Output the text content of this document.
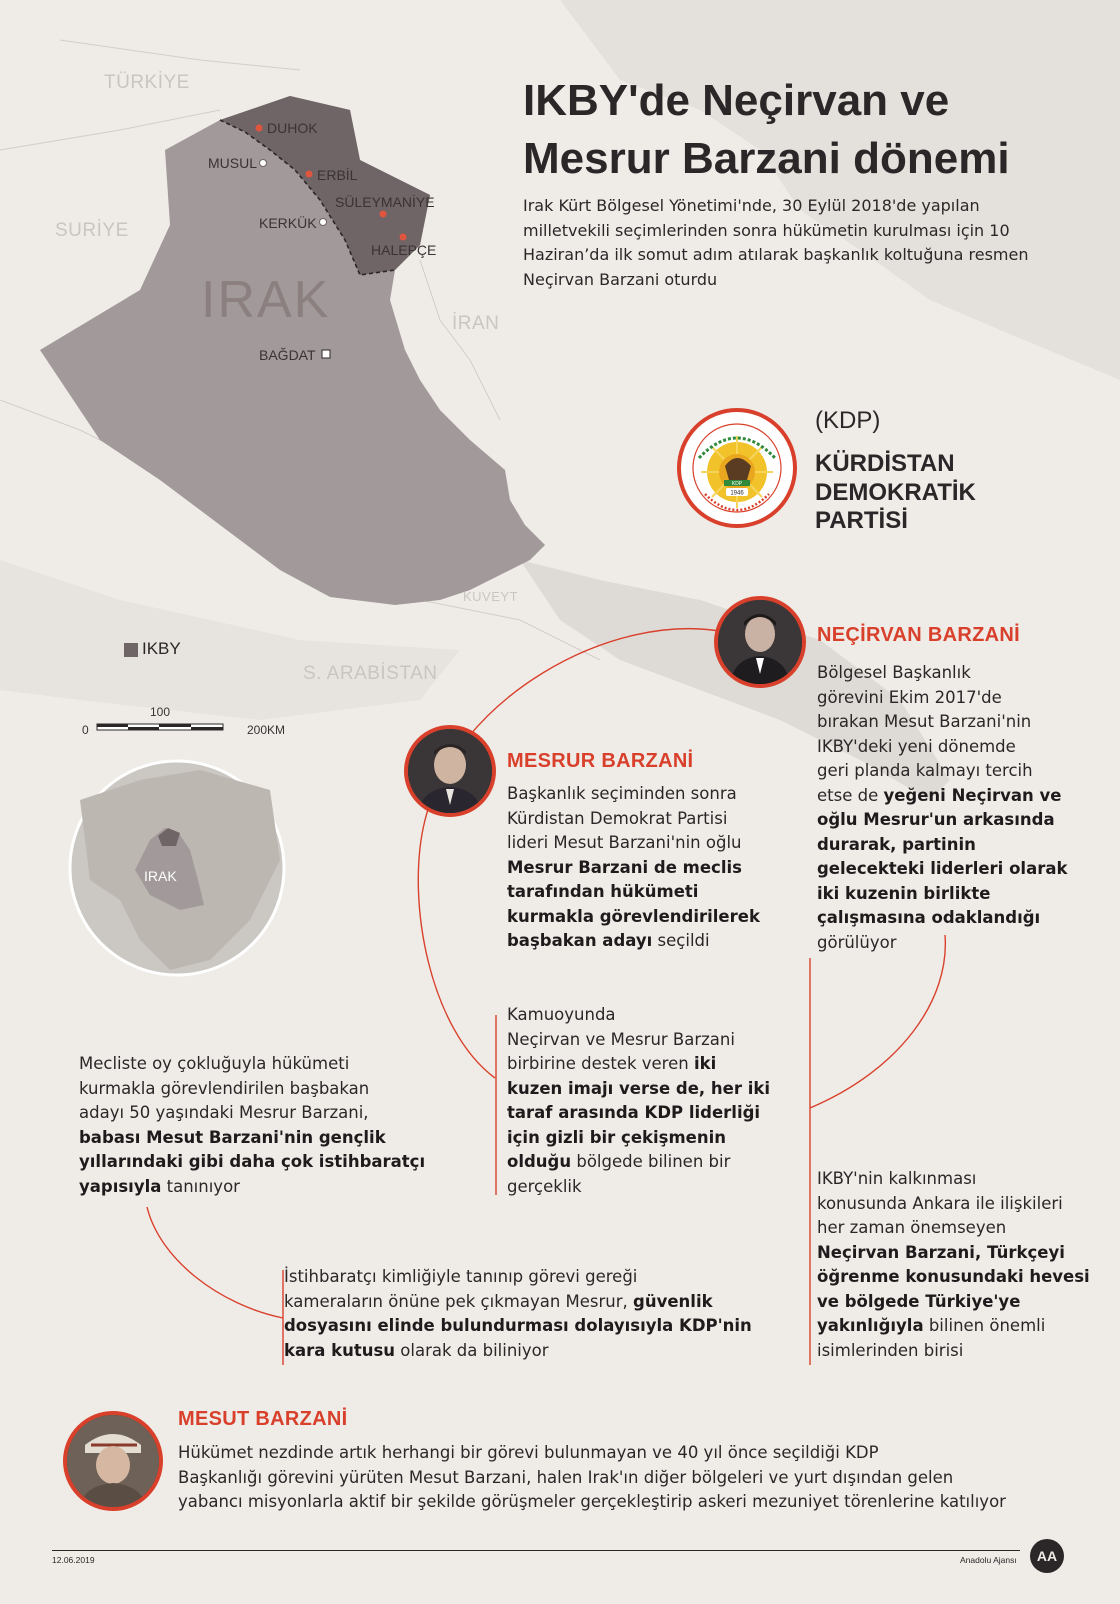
IKBY'de Neçirvan ve Mesrur Barzani dönemi
Irak Kürt Bölgesel Yönetimi'nde, 30 Eylül 2018'de yapılan milletvekili seçimlerinden sonra hükümetin kurulması için 10 Haziran’da ilk somut adım atılarak başkanlık koltuğuna resmen Neçirvan Barzani oturdu
TÜRKİYE
SURİYE
İRAN
KUVEYT
S. ARABİSTAN
IRAK
DUHOK
MUSUL
ERBİL
SÜLEYMANİYE
KERKÜK
HALEPÇE
BAĞDAT
IKBY
0
100
200KM
IRAK
KDP
1946
(KDP)
KÜRDİSTAN
DEMOKRATİK
PARTİSİ
NEÇİRVAN BARZANİ
Bölgesel Başkanlık
görevini Ekim 2017'de
bırakan Mesut Barzani'nin
IKBY'deki yeni dönemde
geri planda kalmayı tercih
etse de yeğeni Neçirvan ve
oğlu Mesrur'un arkasında
durarak, partinin
gelecekteki liderleri olarak
iki kuzenin birlikte
çalışmasına odaklandığı
görülüyor
MESRUR BARZANİ
Başkanlık seçiminden sonra
Kürdistan Demokrat Partisi
lideri Mesut Barzani'nin oğlu
Mesrur Barzani de meclis
tarafından hükümeti
kurmakla görevlendirilerek
başbakan adayı seçildi
Kamuoyunda
Neçirvan ve Mesrur Barzani
birbirine destek veren iki
kuzen imajı verse de, her iki
taraf arasında KDP liderliği
için gizli bir çekişmenin
olduğu bölgede bilinen bir
gerçeklik
Mecliste oy çokluğuyla hükümeti
kurmakla görevlendirilen başbakan
adayı 50 yaşındaki Mesrur Barzani,
babası Mesut Barzani'nin gençlik
yıllarındaki gibi daha çok istihbaratçı
yapısıyla tanınıyor
İstihbaratçı kimliğiyle tanınıp görevi gereği
kameraların önüne pek çıkmayan Mesrur, güvenlik
dosyasını elinde bulundurması dolayısıyla KDP'nin
kara kutusu olarak da biliniyor
IKBY'nin kalkınması
konusunda Ankara ile ilişkileri
her zaman önemseyen
Neçirvan Barzani, Türkçeyi
öğrenme konusundaki hevesi
ve bölgede Türkiye'ye
yakınlığıyla bilinen önemli
isimlerinden birisi
MESUT BARZANİ
Hükümet nezdinde artık herhangi bir görevi bulunmayan ve 40 yıl önce seçildiği KDP
Başkanlığı görevini yürüten Mesut Barzani, halen Irak'ın diğer bölgeleri ve yurt dışından gelen
yabancı misyonlarla aktif bir şekilde görüşmeler gerçekleştirip askeri mezuniyet törenlerine katılıyor
12.06.2019	Anadolu Ajansı	AA
